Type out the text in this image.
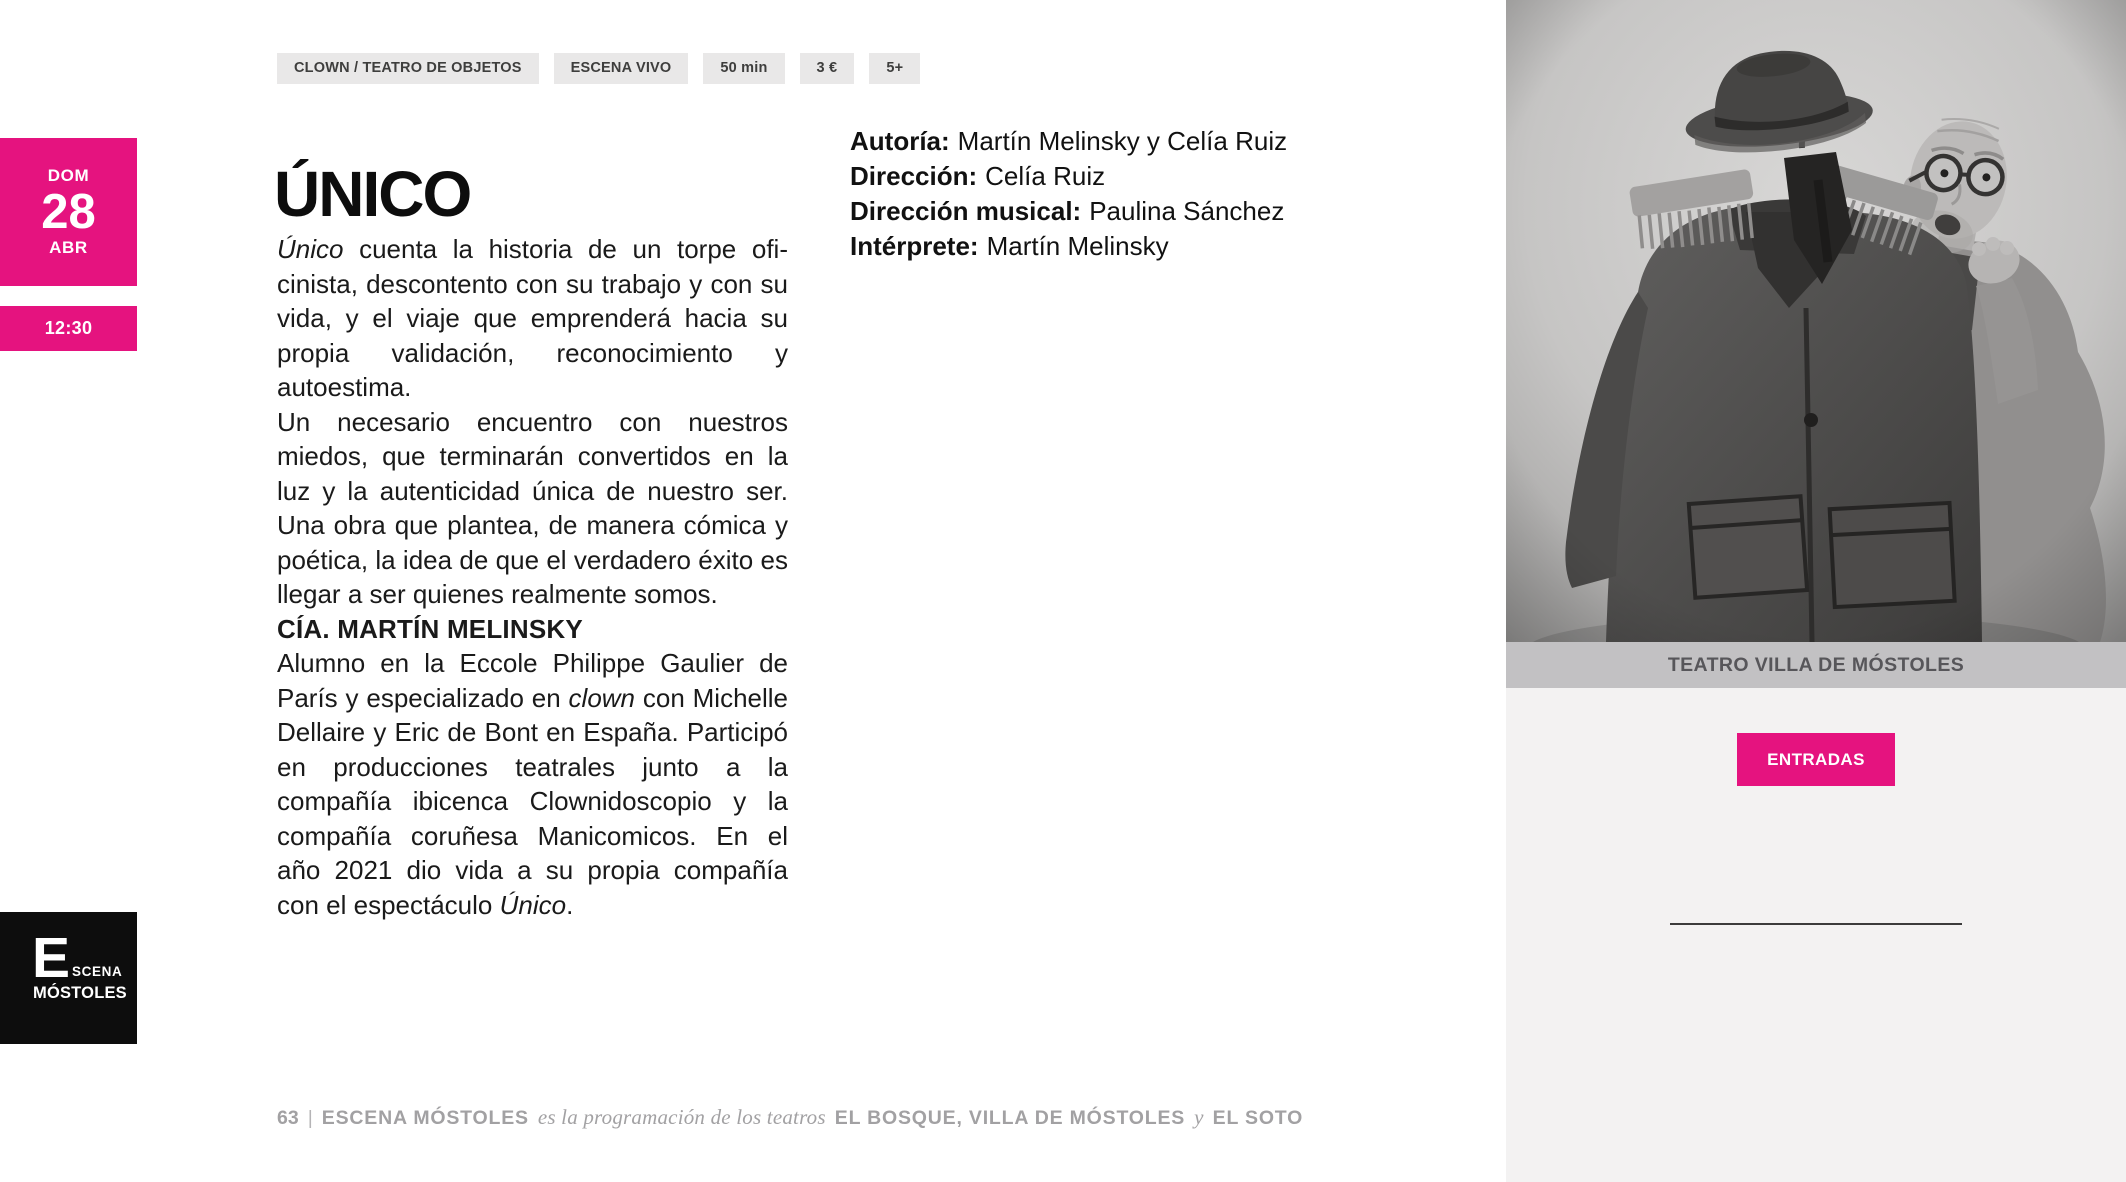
CLOWN / TEATRO DE OBJETOS	ESCENA VIVO	50 min	3 €	5+
DOM
28
ABR
12:30
E SCENA
MÓSTOLES
ÚNICO

Único cuenta la historia de un torpe oficinista, descontento con su trabajo y con su vida, y el viaje que emprenderá hacia su propia validación, reconocimiento y autoestima.

Un necesario encuentro con nuestros miedos, que terminarán convertidos en la luz y la autenticidad única de nuestro ser. Una obra que plantea, de manera cómica y poética, la idea de que el verdadero éxito es llegar a ser quienes realmente somos.

CÍA. MARTÍN MELINSKY

Alumno en la Eccole Philippe Gaulier de París y especializado en clown con Michelle Dellaire y Eric de Bont en España. Participó en producciones teatrales junto a la compañía ibicenca Clownidoscopio y la compañía coruñesa Manicomicos. En el año 2021 dio vida a su propia compañía con el espectáculo Único.

Autoría: Martín Melinsky y Celía Ruiz
Dirección: Celía Ruiz
Dirección musical: Paulina Sánchez
Intérprete: Martín Melinsky
TEATRO VILLA DE MÓSTOLES
ENTRADAS
63 | ESCENA MÓSTOLES es la programación de los teatros EL BOSQUE, VILLA DE MÓSTOLES y EL SOTO
